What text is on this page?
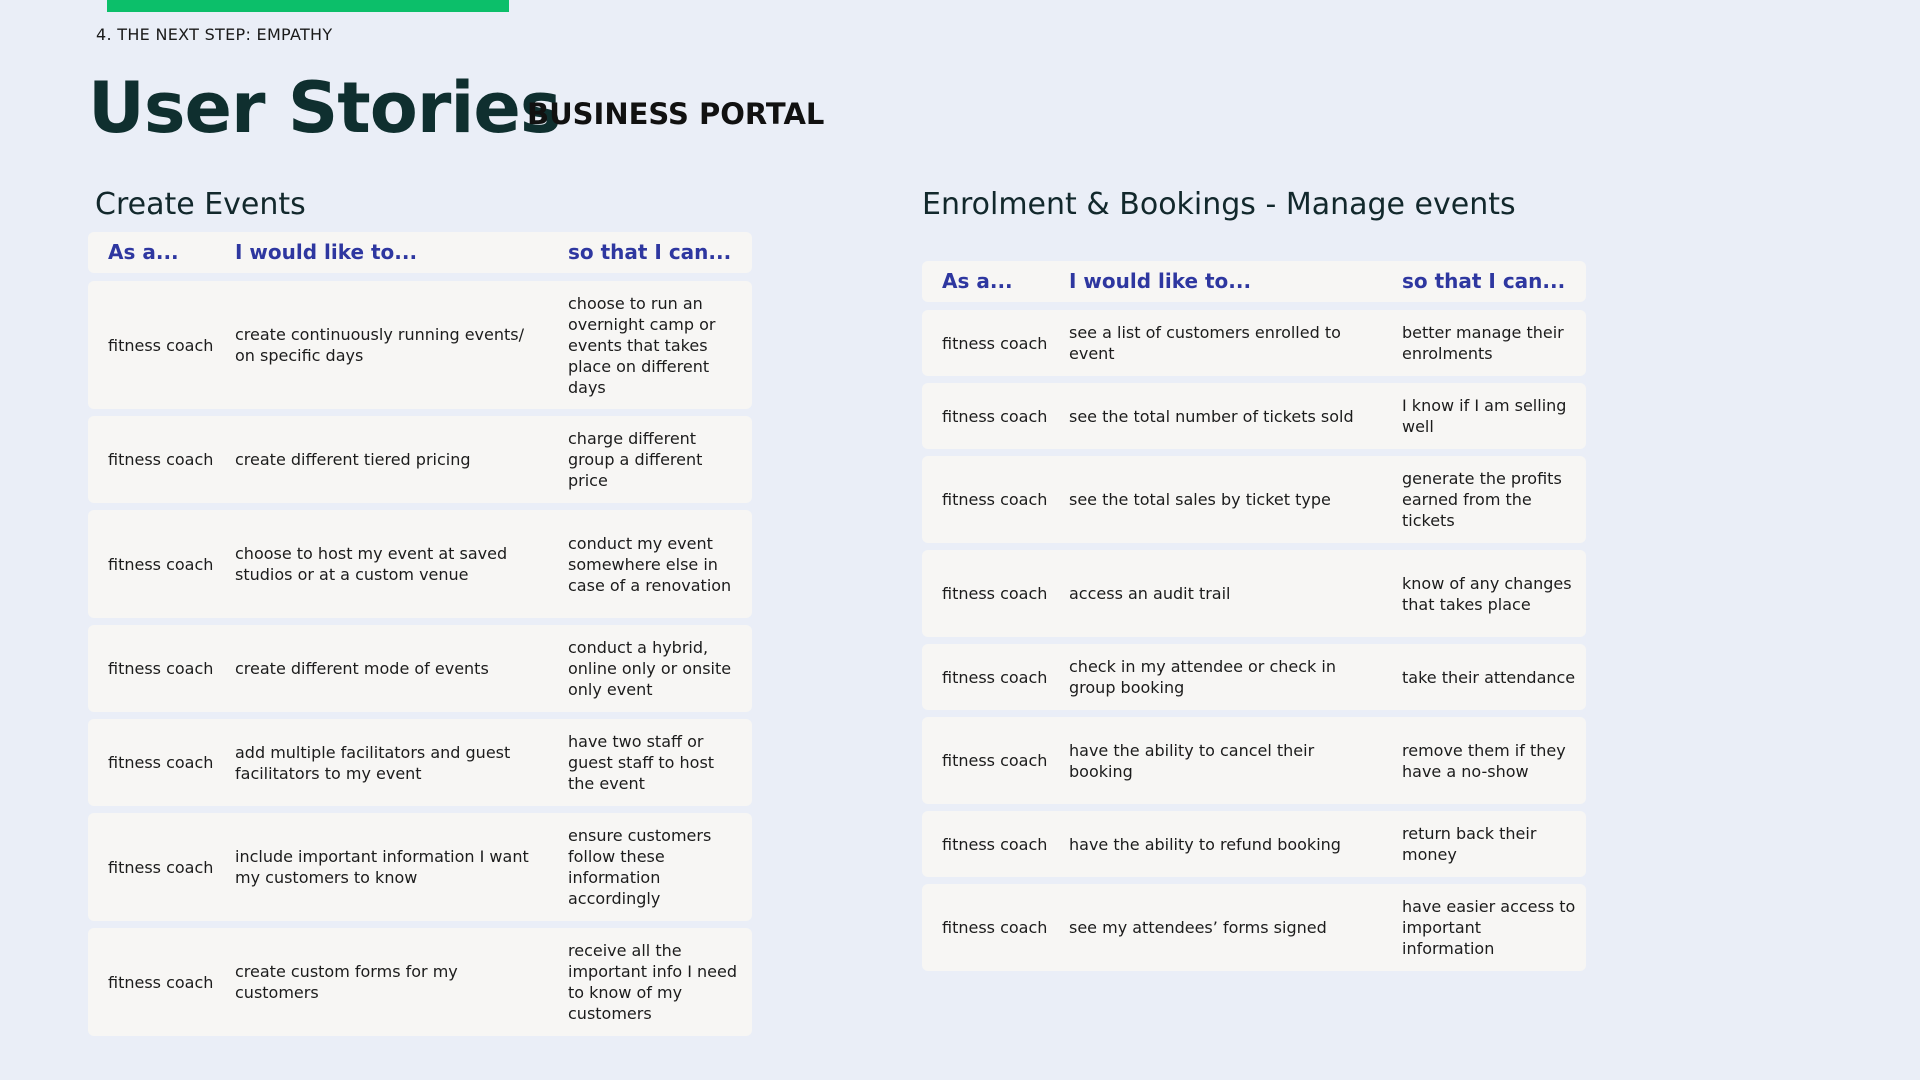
4. THE NEXT STEP: EMPATHY
User Stories
BUSINESS PORTAL
Create Events
As a...	I would like to...	so that I can...
fitness coach
create continuously running events/ on specific days
choose to run an overnight camp or events that takes place on different days
fitness coach	create different tiered pricing
charge different group a different price
fitness coach
choose to host my event at saved studios or at a custom venue
conduct my event somewhere else in case of a renovation
fitness coach	create different mode of events
conduct a hybrid, online only or onsite only event
fitness coach
add multiple facilitators and guest facilitators to my event
have two staff or guest staff to host the event
fitness coach
include important information I want my customers to know
ensure customers follow these information accordingly
fitness coach
create custom forms for my customers
receive all the important info I need to know of my customers
Enrolment & Bookings - Manage events
As a...	I would like to...	so that I can...
fitness coach
see a list of customers enrolled to event
better manage their enrolments
fitness coach	see the total number of tickets sold
I know if I am selling well
fitness coach	see the total sales by ticket type
generate the profits earned from the tickets
fitness coach	access an audit trail
know of any changes that takes place
fitness coach
check in my attendee or check in group booking
take their attendance
fitness coach
have the ability to cancel their booking
remove them if they have a no-show
fitness coach	have the ability to refund booking
return back their money
fitness coach	see my attendees’ forms signed
have easier access to important information
